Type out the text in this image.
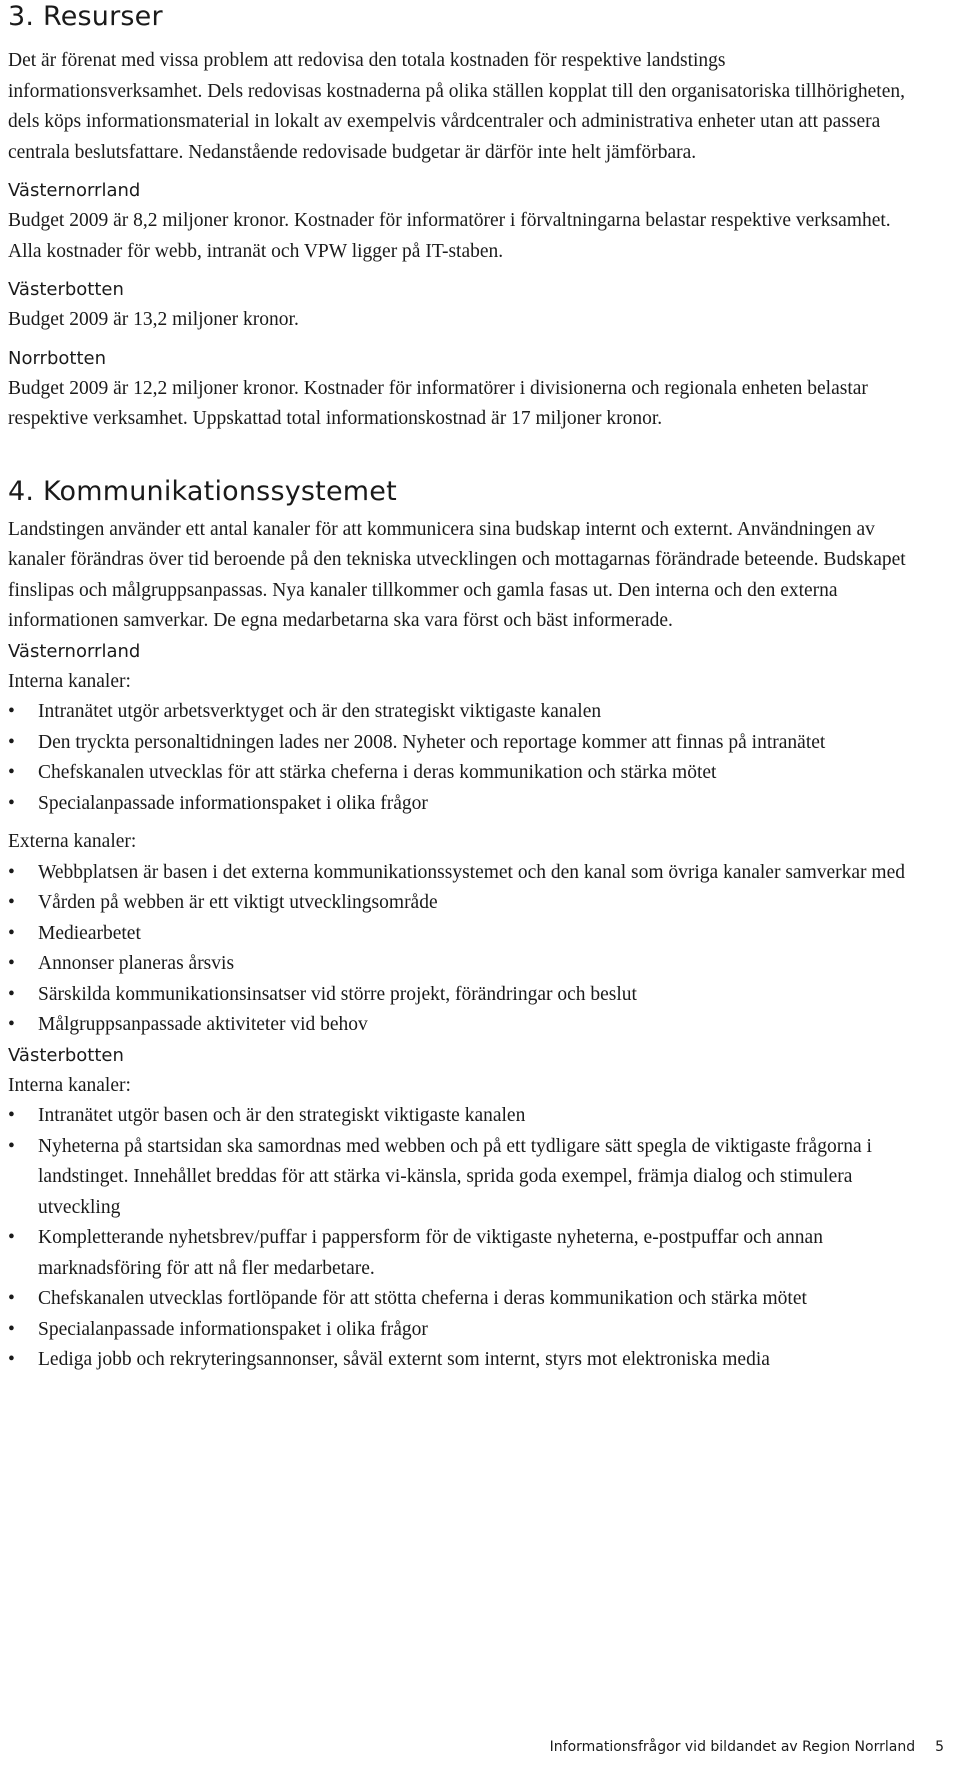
3. Resurser

Det är förenat med vissa problem att redovisa den totala kostnaden för respektive landstings informationsverksamhet. Dels redovisas kostnaderna på olika ställen kopplat till den organisatoriska tillhörigheten, dels köps informationsmaterial in lokalt av exempelvis vårdcentraler och administrativa enheter utan att passera centrala beslutsfattare. Nedanstående redovisade budgetar är därför inte helt jämförbara.

Västernorrland

Budget 2009 är 8,2 miljoner kronor. Kostnader för informatörer i förvaltningarna belastar respektive verksamhet. Alla kostnader för webb, intranät och VPW ligger på IT-staben.

Västerbotten

Budget 2009 är 13,2 miljoner kronor.

Norrbotten

Budget 2009 är 12,2 miljoner kronor. Kostnader för informatörer i divisionerna och regionala enheten belastar respektive verksamhet. Uppskattad total informationskostnad är 17 miljoner kronor.

4. Kommunikationssystemet

Landstingen använder ett antal kanaler för att kommunicera sina budskap internt och externt. Användningen av kanaler förändras över tid beroende på den tekniska utvecklingen och mottagarnas förändrade beteende. Budskapet finslipas och målgruppsanpassas. Nya kanaler tillkommer och gamla fasas ut. Den interna och den externa informationen samverkar. De egna medarbetarna ska vara först och bäst informerade.

Västernorrland
Interna kanaler:
•	Intranätet utgör arbetsverktyget och är den strategiskt viktigaste kanalen
•	Den tryckta personaltidningen lades ner 2008. Nyheter och reportage kommer att finnas på intranätet
•	Chefskanalen utvecklas för att stärka cheferna i deras kommunikation och stärka mötet
•	Specialanpassade informationspaket i olika frågor
Externa kanaler:
•	Webbplatsen är basen i det externa kommunikationssystemet och den kanal som övriga kanaler samverkar med
•	Vården på webben är ett viktigt utvecklingsområde
•	Mediearbetet
•	Annonser planeras årsvis
•	Särskilda kommunikationsinsatser vid större projekt, förändringar och beslut
•	Målgruppsanpassade aktiviteter vid behov
Västerbotten
Interna kanaler:
•	Intranätet utgör basen och är den strategiskt viktigaste kanalen
•	Nyheterna på startsidan ska samordnas med webben och på ett tydligare sätt spegla de viktigaste frågorna i landstinget. Innehållet breddas för att stärka vi-känsla, sprida goda exempel, främja dialog och stimulera utveckling
•	Kompletterande nyhetsbrev/puffar i pappersform för de viktigaste nyheterna, e-postpuffar och annan marknadsföring för att nå fler medarbetare.
•	Chefskanalen utvecklas fortlöpande för att stötta cheferna i deras kommunikation och stärka mötet
•	Specialanpassade informationspaket i olika frågor
•	Lediga jobb och rekryteringsannonser, såväl externt som internt, styrs mot elektroniska media
Informationsfrågor vid bildandet av Region Norrland 5
